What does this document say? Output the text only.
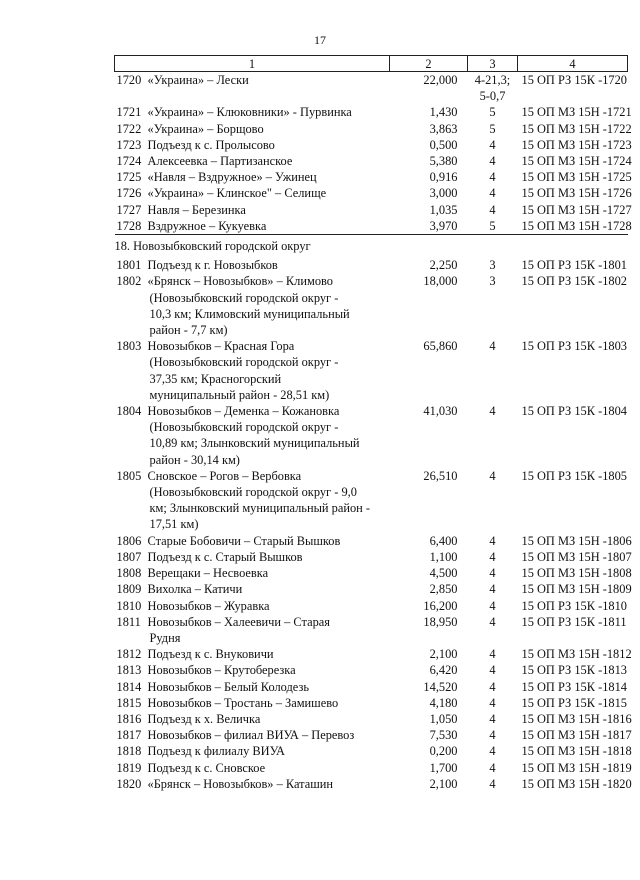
17
1	2	3	4

1720 «Украина» – Лески	22,000	4-21,3;
5-0,7	15 ОП РЗ 15К -1720

1721 «Украина» – Клюковники» - Пурвинка	1,430	5	15 ОП МЗ 15Н -1721

1722 «Украина» – Борщово	3,863	5	15 ОП МЗ 15Н -1722

1723 Подъезд к с. Пролысово	0,500	4	15 ОП МЗ 15Н -1723

1724 Алексеевка – Партизанское	5,380	4	15 ОП МЗ 15Н -1724

1725 «Навля – Вздружное» – Ужинец	0,916	4	15 ОП МЗ 15Н -1725

1726 «Украина» – Клинское" – Селище	3,000	4	15 ОП МЗ 15Н -1726

1727 Навля – Березинка	1,035	4	15 ОП МЗ 15Н -1727

1728 Вздружное – Кукуевка	3,970	5	15 ОП МЗ 15Н -1728
18. Новозыбковский городской округ			

1801 Подъезд к г. Новозыбков	2,250	3	15 ОП РЗ 15К -1801

1802 «Брянск – Новозыбков» – Климово
(Новозыбковский городской округ -
10,3 км; Климовский муниципальный
район - 7,7 км)	18,000	3	15 ОП РЗ 15К -1802

1803 Новозыбков – Красная Гора
(Новозыбковский городской округ -
37,35 км; Красногорский
муниципальный район - 28,51 км)	65,860	4	15 ОП РЗ 15К -1803

1804 Новозыбков – Деменка – Кожановка
(Новозыбковский городской округ -
10,89 км; Злынковский муниципальный
район - 30,14 км)	41,030	4	15 ОП РЗ 15К -1804

1805 Сновское – Рогов – Вербовка
(Новозыбковский городской округ - 9,0
км; Злынковский муниципальный район -
17,51 км)	26,510	4	15 ОП РЗ 15К -1805

1806 Старые Бобовичи – Старый Вышков	6,400	4	15 ОП МЗ 15Н -1806

1807 Подъезд к с. Старый Вышков	1,100	4	15 ОП МЗ 15Н -1807

1808 Верещаки – Несвоевка	4,500	4	15 ОП МЗ 15Н -1808

1809 Вихолка – Катичи	2,850	4	15 ОП МЗ 15Н -1809

1810 Новозыбков – Журавка	16,200	4	15 ОП РЗ 15К -1810

1811 Новозыбков – Халеевичи – Старая
Рудня	18,950	4	15 ОП РЗ 15К -1811

1812 Подъезд к с. Внуковичи	2,100	4	15 ОП МЗ 15Н -1812

1813 Новозыбков – Крутоберезка	6,420	4	15 ОП РЗ 15К -1813

1814 Новозыбков – Белый Колодезь	14,520	4	15 ОП РЗ 15К -1814

1815 Новозыбков – Тростань – Замишево	4,180	4	15 ОП РЗ 15К -1815

1816 Подъезд к х. Величка	1,050	4	15 ОП МЗ 15Н -1816

1817 Новозыбков – филиал ВИУА – Перевоз	7,530	4	15 ОП МЗ 15Н -1817

1818 Подъезд к филиалу ВИУА	0,200	4	15 ОП МЗ 15Н -1818

1819 Подъезд к с. Сновское	1,700	4	15 ОП МЗ 15Н -1819

1820 «Брянск – Новозыбков» – Каташин	2,100	4	15 ОП МЗ 15Н -1820
